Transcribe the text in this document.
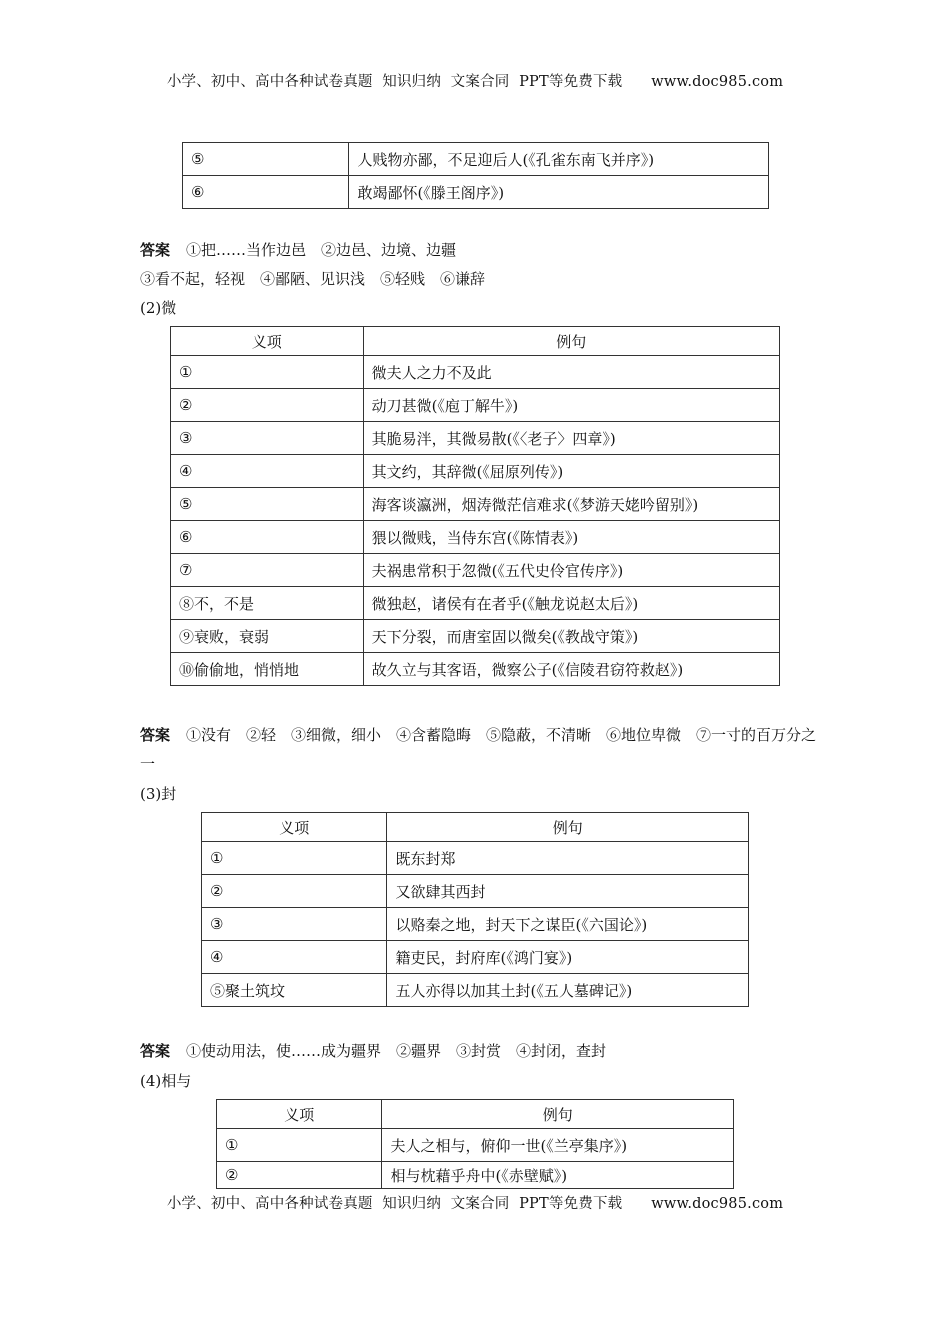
小学、初中、高中各种试卷真题  知识归纳  文案合同  PPT等免费下载      www.doc985.com
⑤	人贱物亦鄙，不足迎后人(《孔雀东南飞并序》)
⑥	敢竭鄙怀(《滕王阁序》)
答案 ①把……当作边邑　②边邑、边境、边疆
③看不起，轻视　④鄙陋、见识浅　⑤轻贱　⑥谦辞
(2)微
义项	例句
①	微夫人之力不及此
②	动刀甚微(《庖丁解牛》)
③	其脆易泮，其微易散(《〈老子〉四章》)
④	其文约，其辞微(《屈原列传》)
⑤	海客谈瀛洲，烟涛微茫信难求(《梦游天姥吟留别》)
⑥	猥以微贱，当侍东宫(《陈情表》)
⑦	夫祸患常积于忽微(《五代史伶官传序》)
⑧不，不是	微独赵，诸侯有在者乎(《触龙说赵太后》)
⑨衰败，衰弱	天下分裂，而唐室固以微矣(《教战守策》)
⑩偷偷地，悄悄地	故久立与其客语，微察公子(《信陵君窃符救赵》)
答案 ①没有　②轻　③细微，细小　④含蓄隐晦　⑤隐蔽，不清晰　⑥地位卑微　⑦一寸的百万分之一
(3)封
义项	例句
①	既东封郑
②	又欲肆其西封
③	以赂秦之地，封天下之谋臣(《六国论》)
④	籍吏民，封府库(《鸿门宴》)
⑤聚土筑坟	五人亦得以加其土封(《五人墓碑记》)
答案 ①使动用法，使……成为疆界　②疆界　③封赏　④封闭，查封
(4)相与
义项	例句
①	夫人之相与，俯仰一世(《兰亭集序》)
②	相与枕藉乎舟中(《赤壁赋》)
小学、初中、高中各种试卷真题  知识归纳  文案合同  PPT等免费下载      www.doc985.com
